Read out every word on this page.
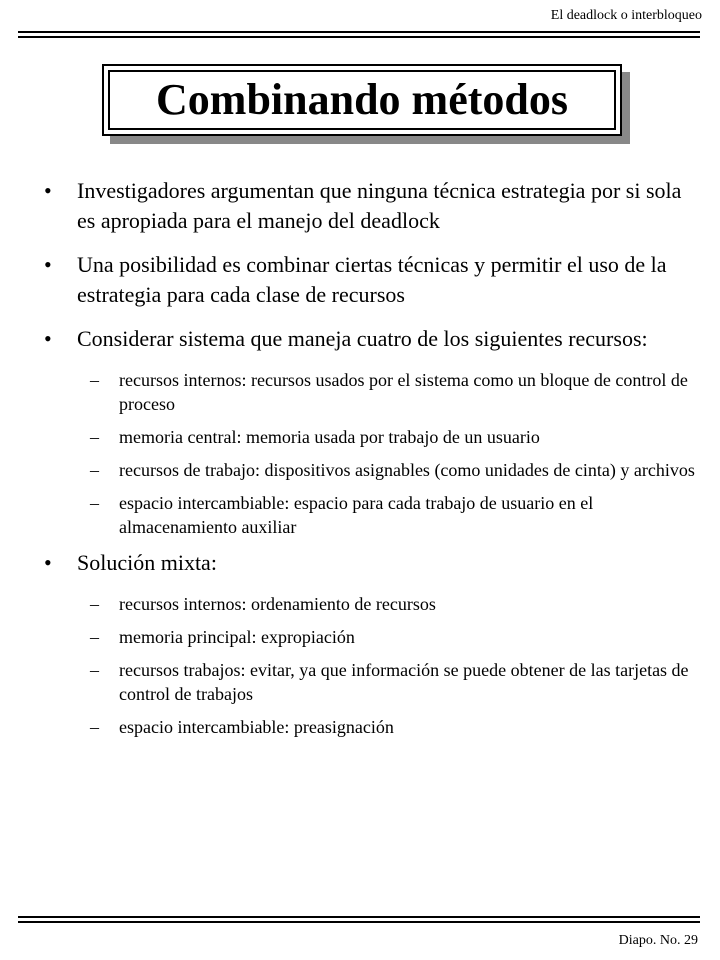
El deadlock o interbloqueo
Combinando métodos
• Investigadores argumentan que ninguna técnica estrategia por si sola es apropiada para el manejo del deadlock
• Una posibilidad es combinar ciertas técnicas y permitir el uso de la estrategia para cada clase de recursos
• Considerar sistema que maneja cuatro de los siguientes recursos:
– recursos internos: recursos usados por el sistema como un bloque de control de proceso
– memoria central: memoria usada por trabajo de un usuario
– recursos de trabajo: dispositivos asignables (como unidades de cinta) y archivos
– espacio intercambiable: espacio para cada trabajo de usuario en el almacenamiento auxiliar
• Solución mixta:
– recursos internos: ordenamiento de recursos
– memoria principal: expropiación
– recursos trabajos: evitar, ya que información se puede obtener de las tarjetas de control de trabajos
– espacio intercambiable: preasignación
Diapo. No. 29
